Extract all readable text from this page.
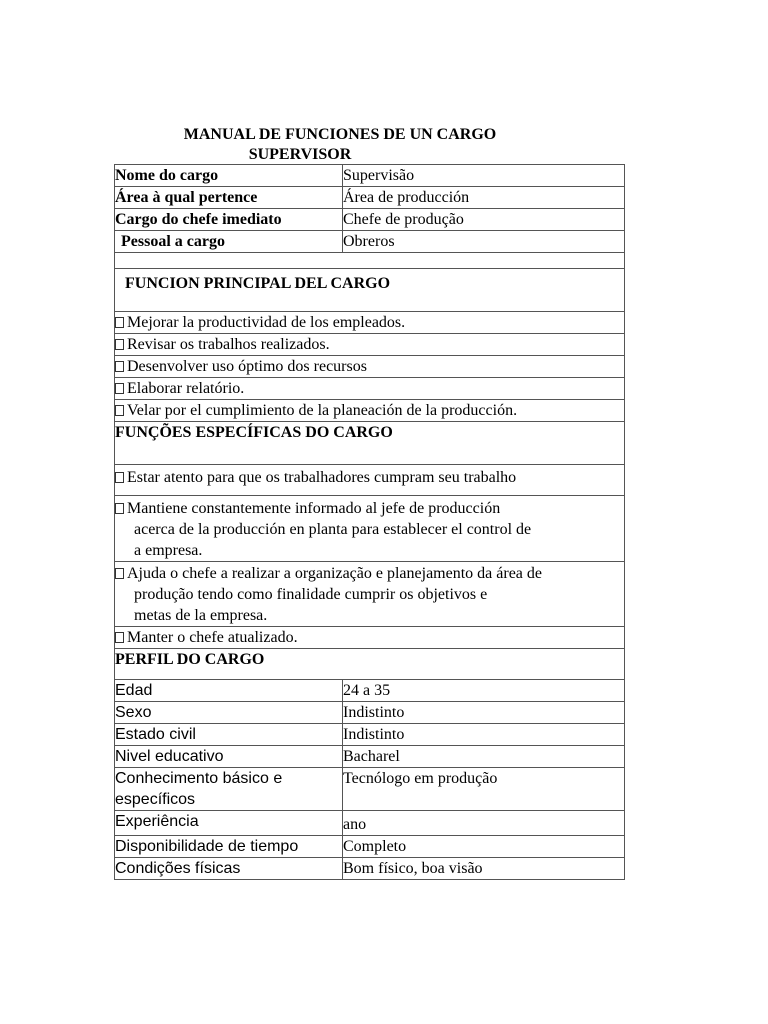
MANUAL DE FUNCIONES DE UN CARGO
SUPERVISOR
Nome do cargo	Supervisão
Área à qual pertence	Área de producción
Cargo do chefe imediato	Chefe de produção
Pessoal a cargo	Obreros

FUNCION PRINCIPAL DEL CARGO	
Mejorar la productividad de los empleados.	
Revisar os trabalhos realizados.	
Desenvolver uso óptimo dos recursos	
Elaborar relatório.	
Velar por el cumplimiento de la planeación de la producción.	
FUNÇÕES ESPECÍFICAS DO CARGO	
Estar atento para que os trabalhadores cumpram seu trabalho	
Mantiene constantemente informado al jefe de producción
acerca de la producción en planta para establecer el control de
a empresa.	

Ajuda o chefe a realizar a organização e planejamento da área de
produção tendo como finalidade cumprir os objetivos e
metas de la empresa.	

Manter o chefe atualizado.	
PERFIL DO CARGO	
Edad	24 a 35
Sexo	Indistinto
Estado civil	Indistinto
Nivel educativo	Bacharel
Conhecimento básico e específicos	Tecnólogo em produção
Experiência	ano
Disponibilidade de tiempo	Completo
Condições físicas	Bom físico, boa visão
